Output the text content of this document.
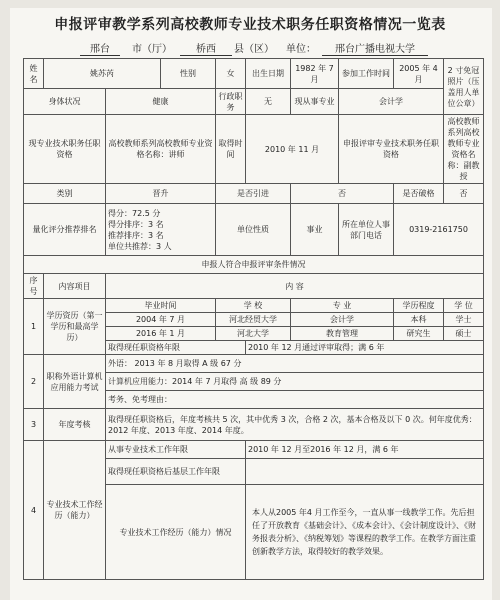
申报评审教学系列高校教师专业技术职务任职资格情况一览表
邢台	市（厅）	桥西	县（区） 单位：	邢台广播电视大学
姓名	姚苏芮		性别	女	出生日期	1982 年 7 月	参加工作时间	2005 年 4 月	2 寸免冠照片（压盖用人单位公章）
身体状况		健康		行政职务	无	现从事专业	会计学		
现专业技术职务任职资格		高校教师系列高校教师专业资格名称：讲师		取得时间	2010 年 11 月		申报评审专业技术职务任职资格		高校教师系列高校教师专业资格名称：副教授
类别		晋升		是否引进		否		是否破格	否
量化评分推荐排名		得分：72.5 分
得分排序：3 名
推荐排序：3 名
单位共推荐：3 人		单位性质		事业	所在单位人事部门电话	0319-2161750	
申报人符合申报评审条件情况									
序号	内容项目	内 容							
1	学历资历（第一学历和最高学历）	毕业时间		学 校		专 业		学历程度	学 位
		2004 年 7 月		河北经贸大学		会计学		本科	学士
		2016 年 1 月		河北大学		教育管理		研究生	硕士
		取得现任职资格年限			2010 年 12 月通过评审取得；满 6 年				
2	职称外语计算机应用能力考试	外语： 2013 年 8 月取得 A 级 67 分							
		计算机应用能力：2014 年 7 月取得 高 级 89 分							
		考务、免考理由：							
3	年度考核	取得现任职资格后，年度考核共 5 次，其中优秀 3 次，合格 2 次，基本合格及以下 0 次。何年度优秀：2012 年度、2013 年度、2014 年度。							
4	专业技术工作经历（能力）	从事专业技术工作年限			2010 年 12 月至2016 年 12 月，满 6 年				
		取得现任职资格后基层工作年限							
		专业技术工作经历（能力）情况			本人从2005 年4 月工作至今，一直从事一线教学工作。先后担任了开放教育《基础会计》、《成本会计》、《会计制度设计》、《财务报表分析》、《纳税筹划》等课程的教学工作。在教学方面注重创新教学方法，取得较好的教学效果。				
